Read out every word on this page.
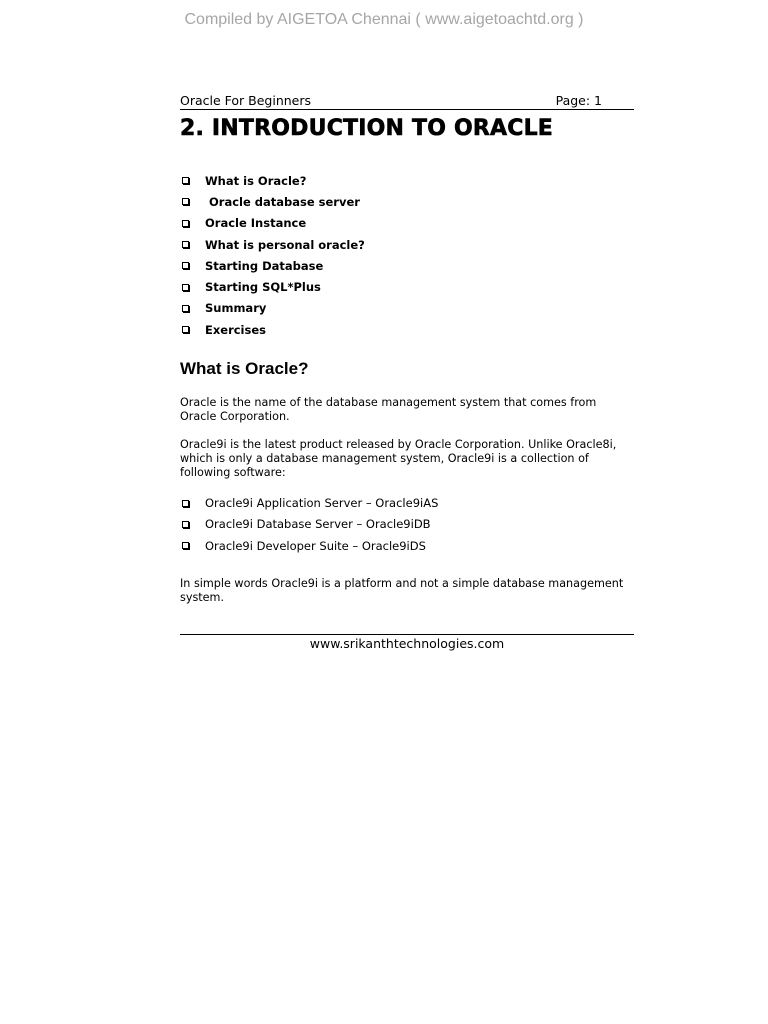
Compiled by AIGETOA Chennai ( www.aigetoachtd.org )
Oracle For Beginners	Page: 1
2. INTRODUCTION TO ORACLE
What is Oracle?
Oracle database server
Oracle Instance
What is personal oracle?
Starting Database
Starting SQL*Plus
Summary
Exercises
What is Oracle?

Oracle is the name of the database management system that comes from Oracle Corporation.

Oracle9i is the latest product released by Oracle Corporation. Unlike Oracle8i, which is only a database management system, Oracle9i is a collection of following software:

Oracle9i Application Server – Oracle9iAS
Oracle9i Database Server – Oracle9iDB
Oracle9i Developer Suite – Oracle9iDS

In simple words Oracle9i is a platform and not a simple database management system.

www.srikanthtechnologies.com
